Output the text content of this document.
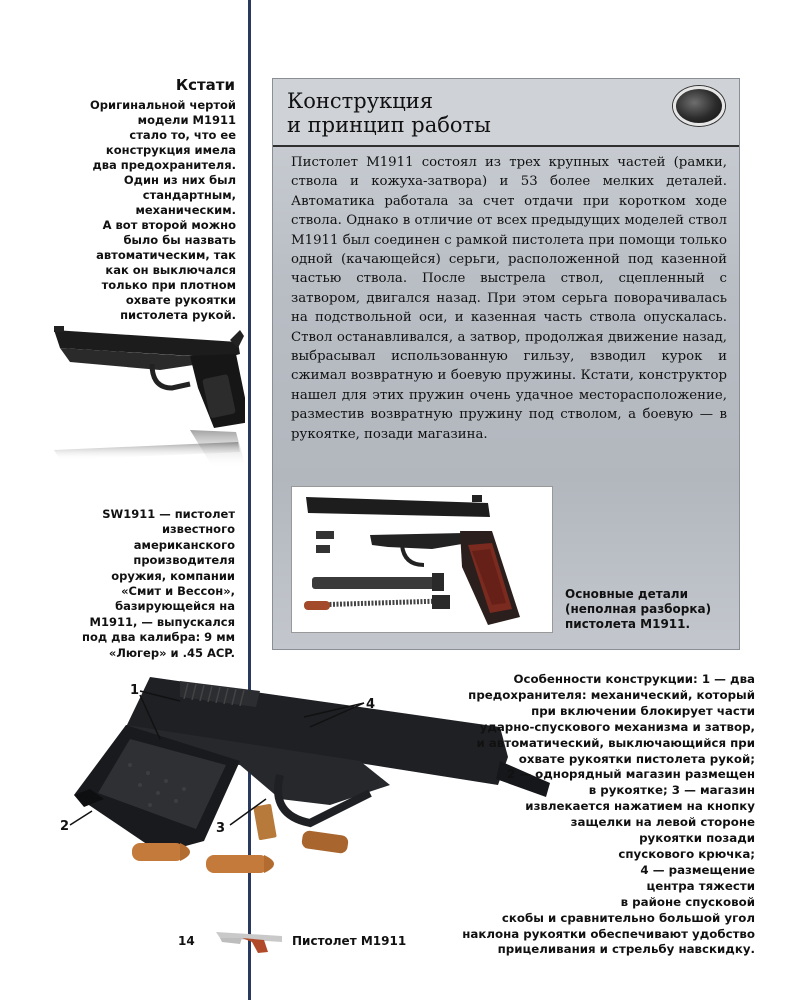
Кстати
Оригинальной чертой
модели M1911
стало то, что ее
конструкция имела
два предохранителя.
Один из них был
стандартным,
механическим.
А вот второй можно
было бы назвать
автоматическим, так
как он выключался
только при плотном
охвате рукоятки
пистолета рукой.
SW1911 — пистолет
известного
американского
производителя
оружия, компании
«Смит и Вессон»,
базирующейся на
M1911, — выпускался
под два калибра: 9 мм
«Люгер» и .45 ACP.
Конструкция
и принцип работы
Пистолет M1911 состоял из трех крупных частей (рамки, ствола и кожуха-затвора) и 53 более мелких деталей. Автоматика работала за счет отдачи при коротком ходе ствола. Однако в отличие от всех предыдущих моделей ствол M1911 был соединен с рамкой пистолета при помощи только одной (качающейся) серьги, расположенной под казенной частью ствола. После выстрела ствол, сцепленный с затвором, двигался назад. При этом серьга поворачивалась на подствольной оси, и казенная часть ствола опускалась. Ствол останавливался, а затвор, продолжая движение назад, выбрасывал использованную гильзу, взводил курок и сжимал возвратную и боевую пружины. Кстати, конструктор нашел для этих пружин очень удачное месторасположение, разместив возвратную пружину под стволом, а боевую — в рукоятке, позади магазина.
Основные детали (неполная разборка) пистолета M1911.
1
2	3
4
Особенности конструкции: 1 — два
предохранителя: механический, который
при включении блокирует части
ударно-спускового механизма и затвор,
и автоматический, выключающийся при
охвате рукоятки пистолета рукой;
2 — однорядный магазин размещен
в рукоятке; 3 — магазин
извлекается нажатием на кнопку
защелки на левой стороне
рукоятки позади
спускового крючка;
4 — размещение
центра тяжести
в районе спусковой
скобы и сравнительно большой угол
наклона рукоятки обеспечивают удобство
прицеливания и стрельбу навскидку.
14	Пистолет M1911
